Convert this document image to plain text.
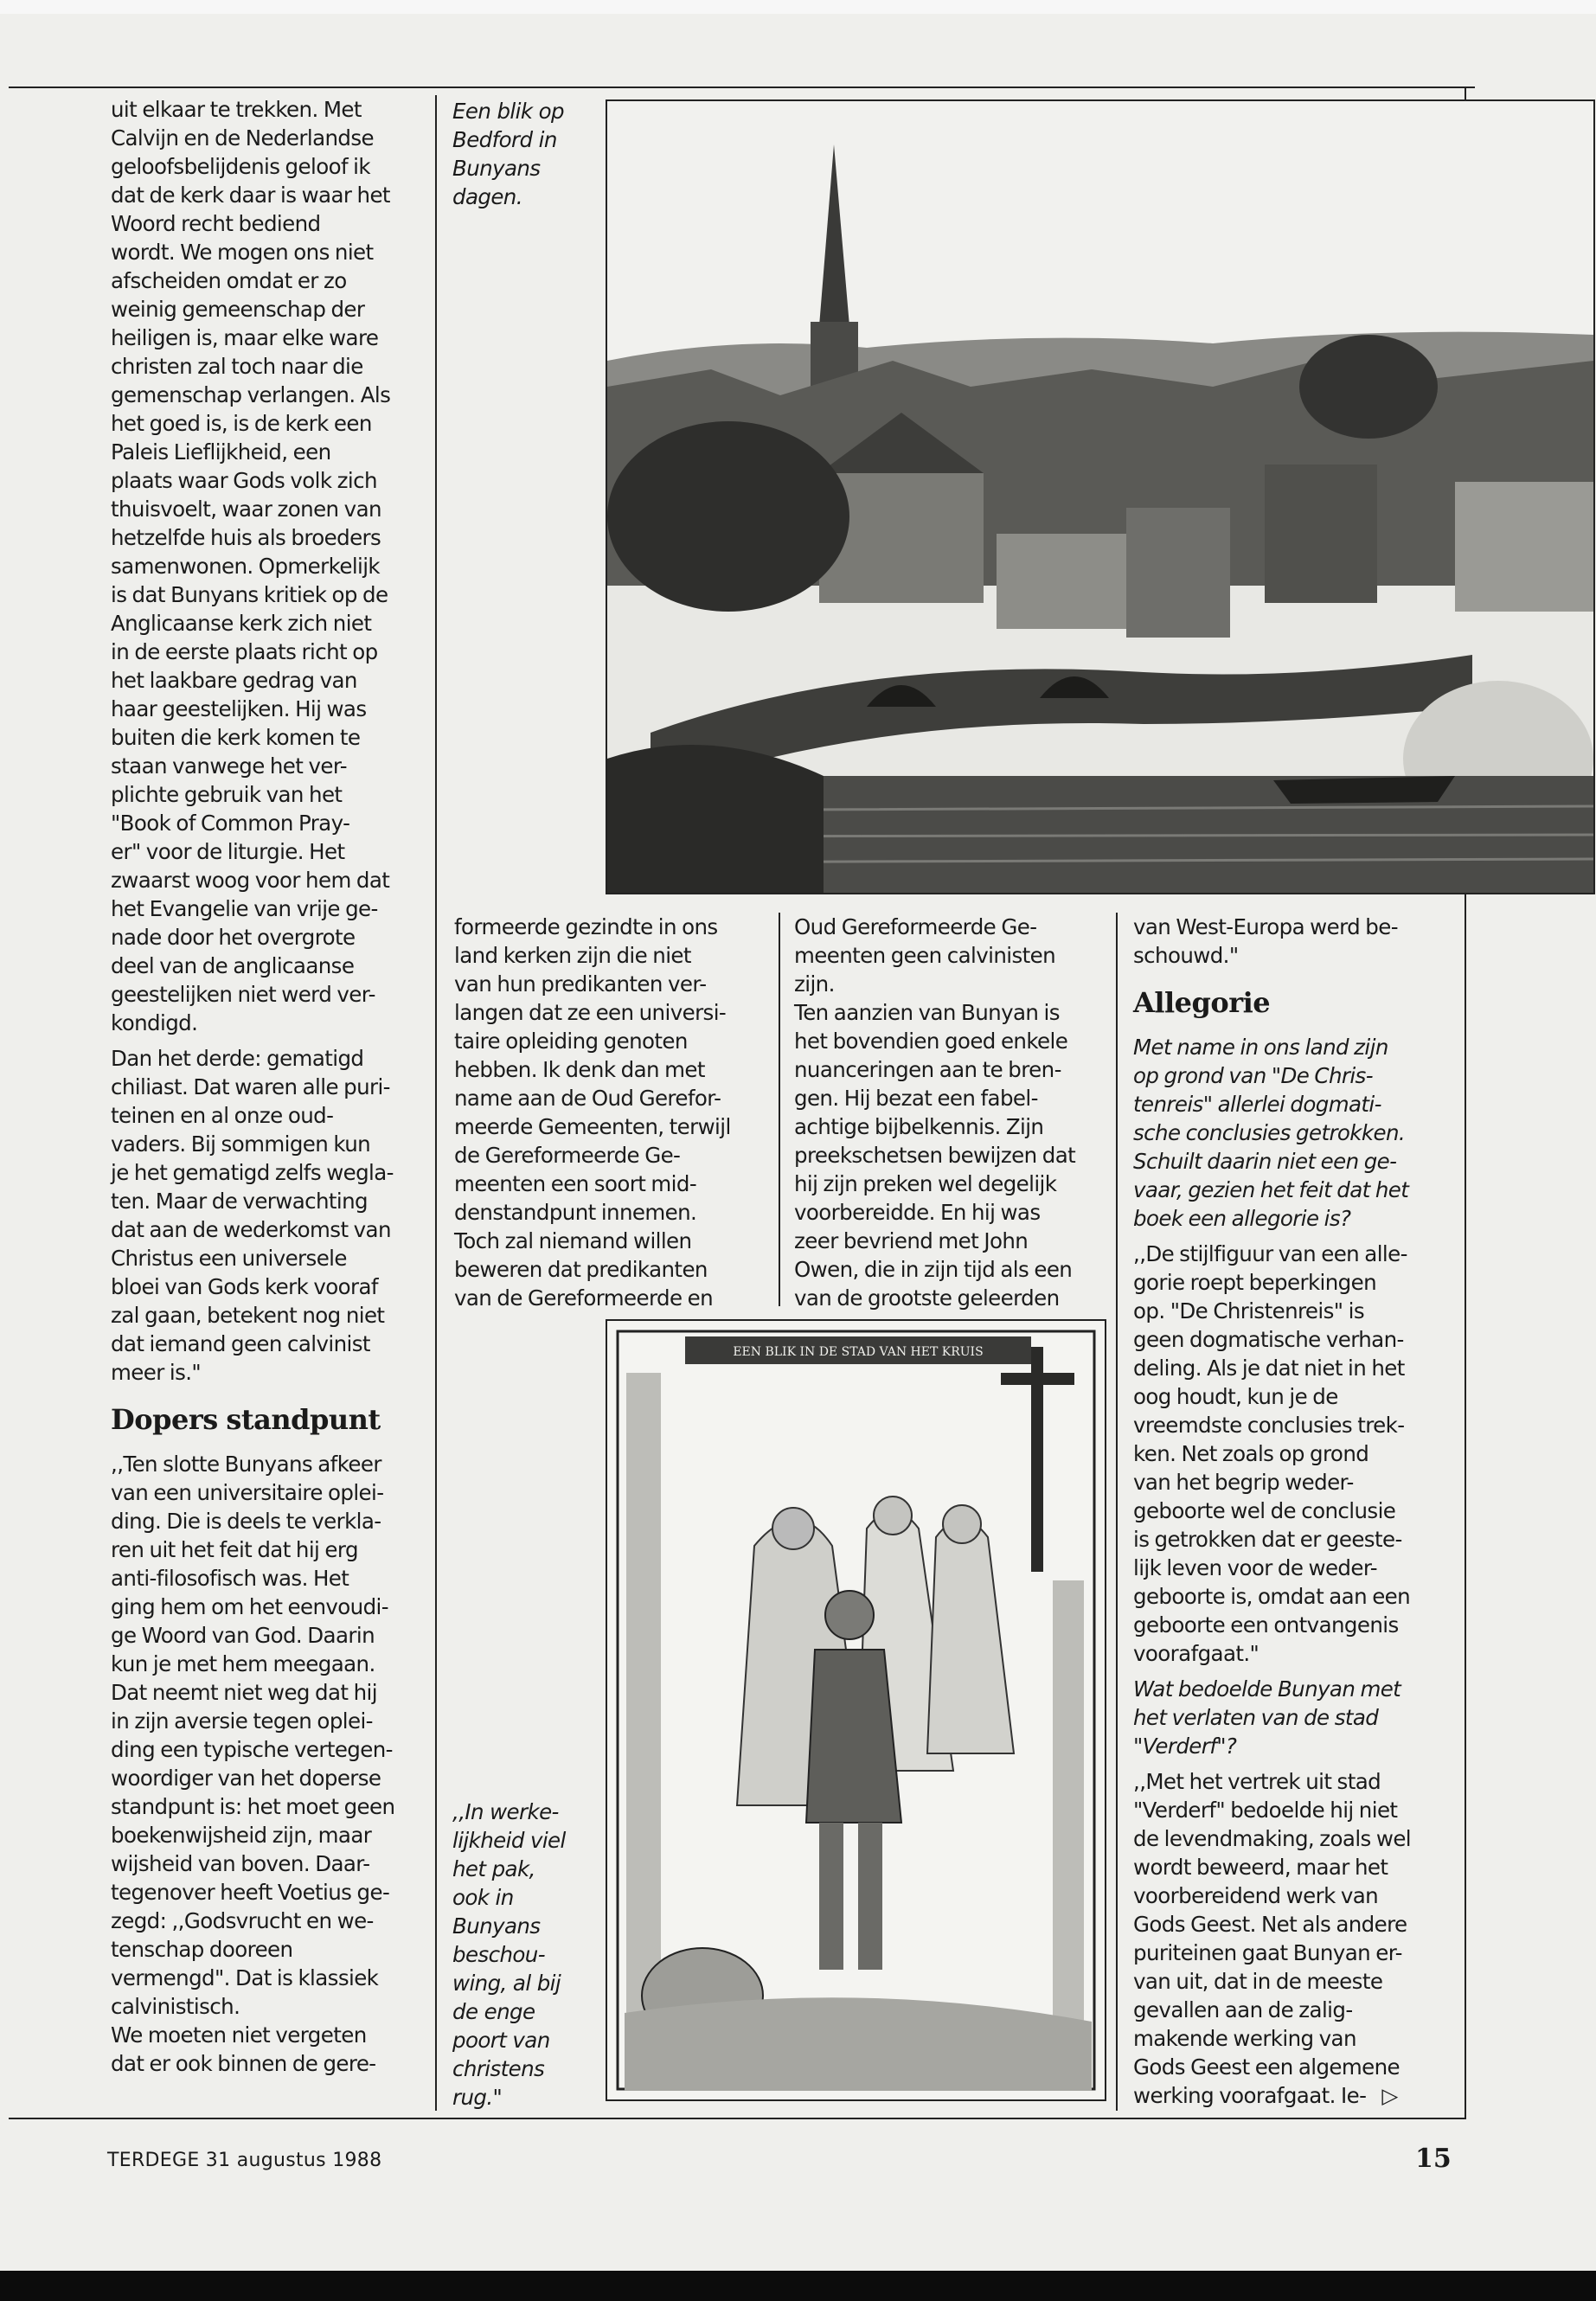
uit elkaar te trekken. Met
Calvijn en de Nederlandse
geloofsbelijdenis geloof ik
dat de kerk daar is waar het
Woord recht bediend
wordt. We mogen ons niet
afscheiden omdat er zo
weinig gemeenschap der
heiligen is, maar elke ware
christen zal toch naar die
gemenschap verlangen. Als
het goed is, is de kerk een
Paleis Lieflijkheid, een
plaats waar Gods volk zich
thuisvoelt, waar zonen van
hetzelfde huis als broeders
samenwonen. Opmerkelijk
is dat Bunyans kritiek op de
Anglicaanse kerk zich niet
in de eerste plaats richt op
het laakbare gedrag van
haar geestelijken. Hij was
buiten die kerk komen te
staan vanwege het ver-
plichte gebruik van het
"Book of Common Pray-
er" voor de liturgie. Het
zwaarst woog voor hem dat
het Evangelie van vrije ge-
nade door het overgrote
deel van de anglicaanse
geestelijken niet werd ver-
kondigd.

Dan het derde: gematigd
chiliast. Dat waren alle puri-
teinen en al onze oud-
vaders. Bij sommigen kun
je het gematigd zelfs wegla-
ten. Maar de verwachting
dat aan de wederkomst van
Christus een universele
bloei van Gods kerk vooraf
zal gaan, betekent nog niet
dat iemand geen calvinist
meer is."

Dopers standpunt

,,Ten slotte Bunyans afkeer
van een universitaire oplei-
ding. Die is deels te verkla-
ren uit het feit dat hij erg
anti-filosofisch was. Het
ging hem om het eenvoudi-
ge Woord van God. Daarin
kun je met hem meegaan.
Dat neemt niet weg dat hij
in zijn aversie tegen oplei-
ding een typische vertegen-
woordiger van het doperse
standpunt is: het moet geen
boekenwijsheid zijn, maar
wijsheid van boven. Daar-
tegenover heeft Voetius ge-
zegd: ,,Godsvrucht en we-
tenschap dooreen
vermengd". Dat is klassiek
calvinistisch.
We moeten niet vergeten
dat er ook binnen de gere-

Een blik op
Bedford in
Bunyans
dagen.
,,In werke-
lijkheid viel
het pak,
ook in
Bunyans
beschou-
wing, al bij
de enge
poort van
christens
rug."

formeerde gezindte in ons
land kerken zijn die niet
van hun predikanten ver-
langen dat ze een universi-
taire opleiding genoten
hebben. Ik denk dan met
name aan de Oud Gerefor-
meerde Gemeenten, terwijl
de Gereformeerde Ge-
meenten een soort mid-
denstandpunt innemen.
Toch zal niemand willen
beweren dat predikanten
van de Gereformeerde en

Oud Gereformeerde Ge-
meenten geen calvinisten
zijn.
Ten aanzien van Bunyan is
het bovendien goed enkele
nuanceringen aan te bren-
gen. Hij bezat een fabel-
achtige bijbelkennis. Zijn
preekschetsen bewijzen dat
hij zijn preken wel degelijk
voorbereidde. En hij was
zeer bevriend met John
Owen, die in zijn tijd als een
van de grootste geleerden

van West-Europa werd be-
schouwd."

Allegorie

Met name in ons land zijn
op grond van "De Chris-
tenreis" allerlei dogmati-
sche conclusies getrokken.
Schuilt daarin niet een ge-
vaar, gezien het feit dat het
boek een allegorie is?

,,De stijlfiguur van een alle-
gorie roept beperkingen
op. "De Christenreis" is
geen dogmatische verhan-
deling. Als je dat niet in het
oog houdt, kun je de
vreemdste conclusies trek-
ken. Net zoals op grond
van het begrip weder-
geboorte wel de conclusie
is getrokken dat er geeste-
lijk leven voor de weder-
geboorte is, omdat aan een
geboorte een ontvangenis
voorafgaat."

Wat bedoelde Bunyan met
het verlaten van de stad
"Verderf"?

,,Met het vertrek uit stad
"Verderf" bedoelde hij niet
de levendmaking, zoals wel
wordt beweerd, maar het
voorbereidend werk van
Gods Geest. Net als andere
puriteinen gaat Bunyan er-
van uit, dat in de meeste
gevallen aan de zalig-
makende werking van
Gods Geest een algemene
werking voorafgaat. Ie- ▷

EEN BLIK IN DE STAD VAN HET KRUIS
TERDEGE 31 augustus 1988	15
